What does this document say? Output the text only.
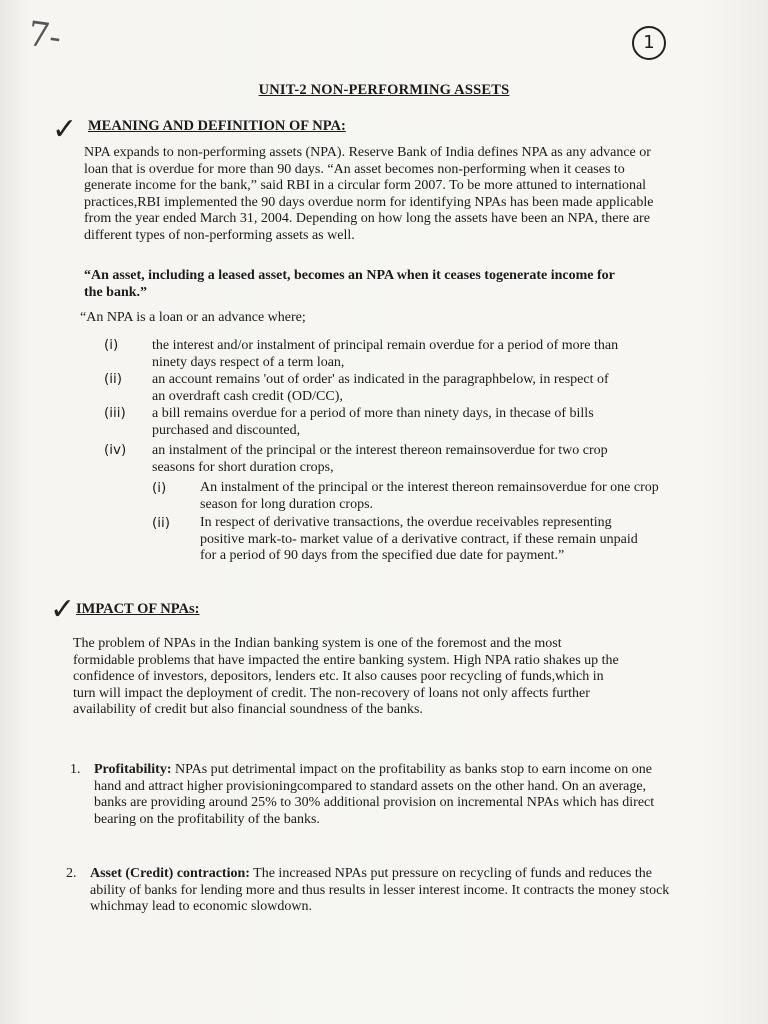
7-	1
UNIT-2 NON-PERFORMING ASSETS
✓ MEANING AND DEFINITION OF NPA:

NPA expands to non-performing assets (NPA). Reserve Bank of India defines NPA as any advance or loan that is overdue for more than 90 days. “An asset becomes non-performing when it ceases to generate income for the bank,” said RBI in a circular form 2007. To be more attuned to international practices,RBI implemented the 90 days overdue norm for identifying NPAs has been made applicable from the year ended March 31, 2004. Depending on how long the assets have been an NPA, there are different types of non-performing assets as well.

“An asset, including a leased asset, becomes an NPA when it ceases togenerate income for the bank.”

“An NPA is a loan or an advance where;

(i) the interest and/or instalment of principal remain overdue for a period of more than ninety days respect of a term loan,
(ii) an account remains 'out of order' as indicated in the paragraphbelow, in respect of an overdraft cash credit (OD/CC),
(iii) a bill remains overdue for a period of more than ninety days, in thecase of bills purchased and discounted,
(iv) an instalment of the principal or the interest thereon remainsoverdue for two crop seasons for short duration crops,
(i) An instalment of the principal or the interest thereon remainsoverdue for one crop season for long duration crops.
(ii) In respect of derivative transactions, the overdue receivables representing positive mark-to- market value of a derivative contract, if these remain unpaid for a period of 90 days from the specified due date for payment.”
✓ IMPACT OF NPAs:

The problem of NPAs in the Indian banking system is one of the foremost and the most formidable problems that have impacted the entire banking system. High NPA ratio shakes up the confidence of investors, depositors, lenders etc. It also causes poor recycling of funds,which in turn will impact the deployment of credit. The non-recovery of loans not only affects further availability of credit but also financial soundness of the banks.

1. Profitability: NPAs put detrimental impact on the profitability as banks stop to earn income on one hand and attract higher provisioningcompared to standard assets on the other hand. On an average, banks are providing around 25% to 30% additional provision on incremental NPAs which has direct bearing on the profitability of the banks.
2. Asset (Credit) contraction: The increased NPAs put pressure on recycling of funds and reduces the ability of banks for lending more and thus results in lesser interest income. It contracts the money stock whichmay lead to economic slowdown.
